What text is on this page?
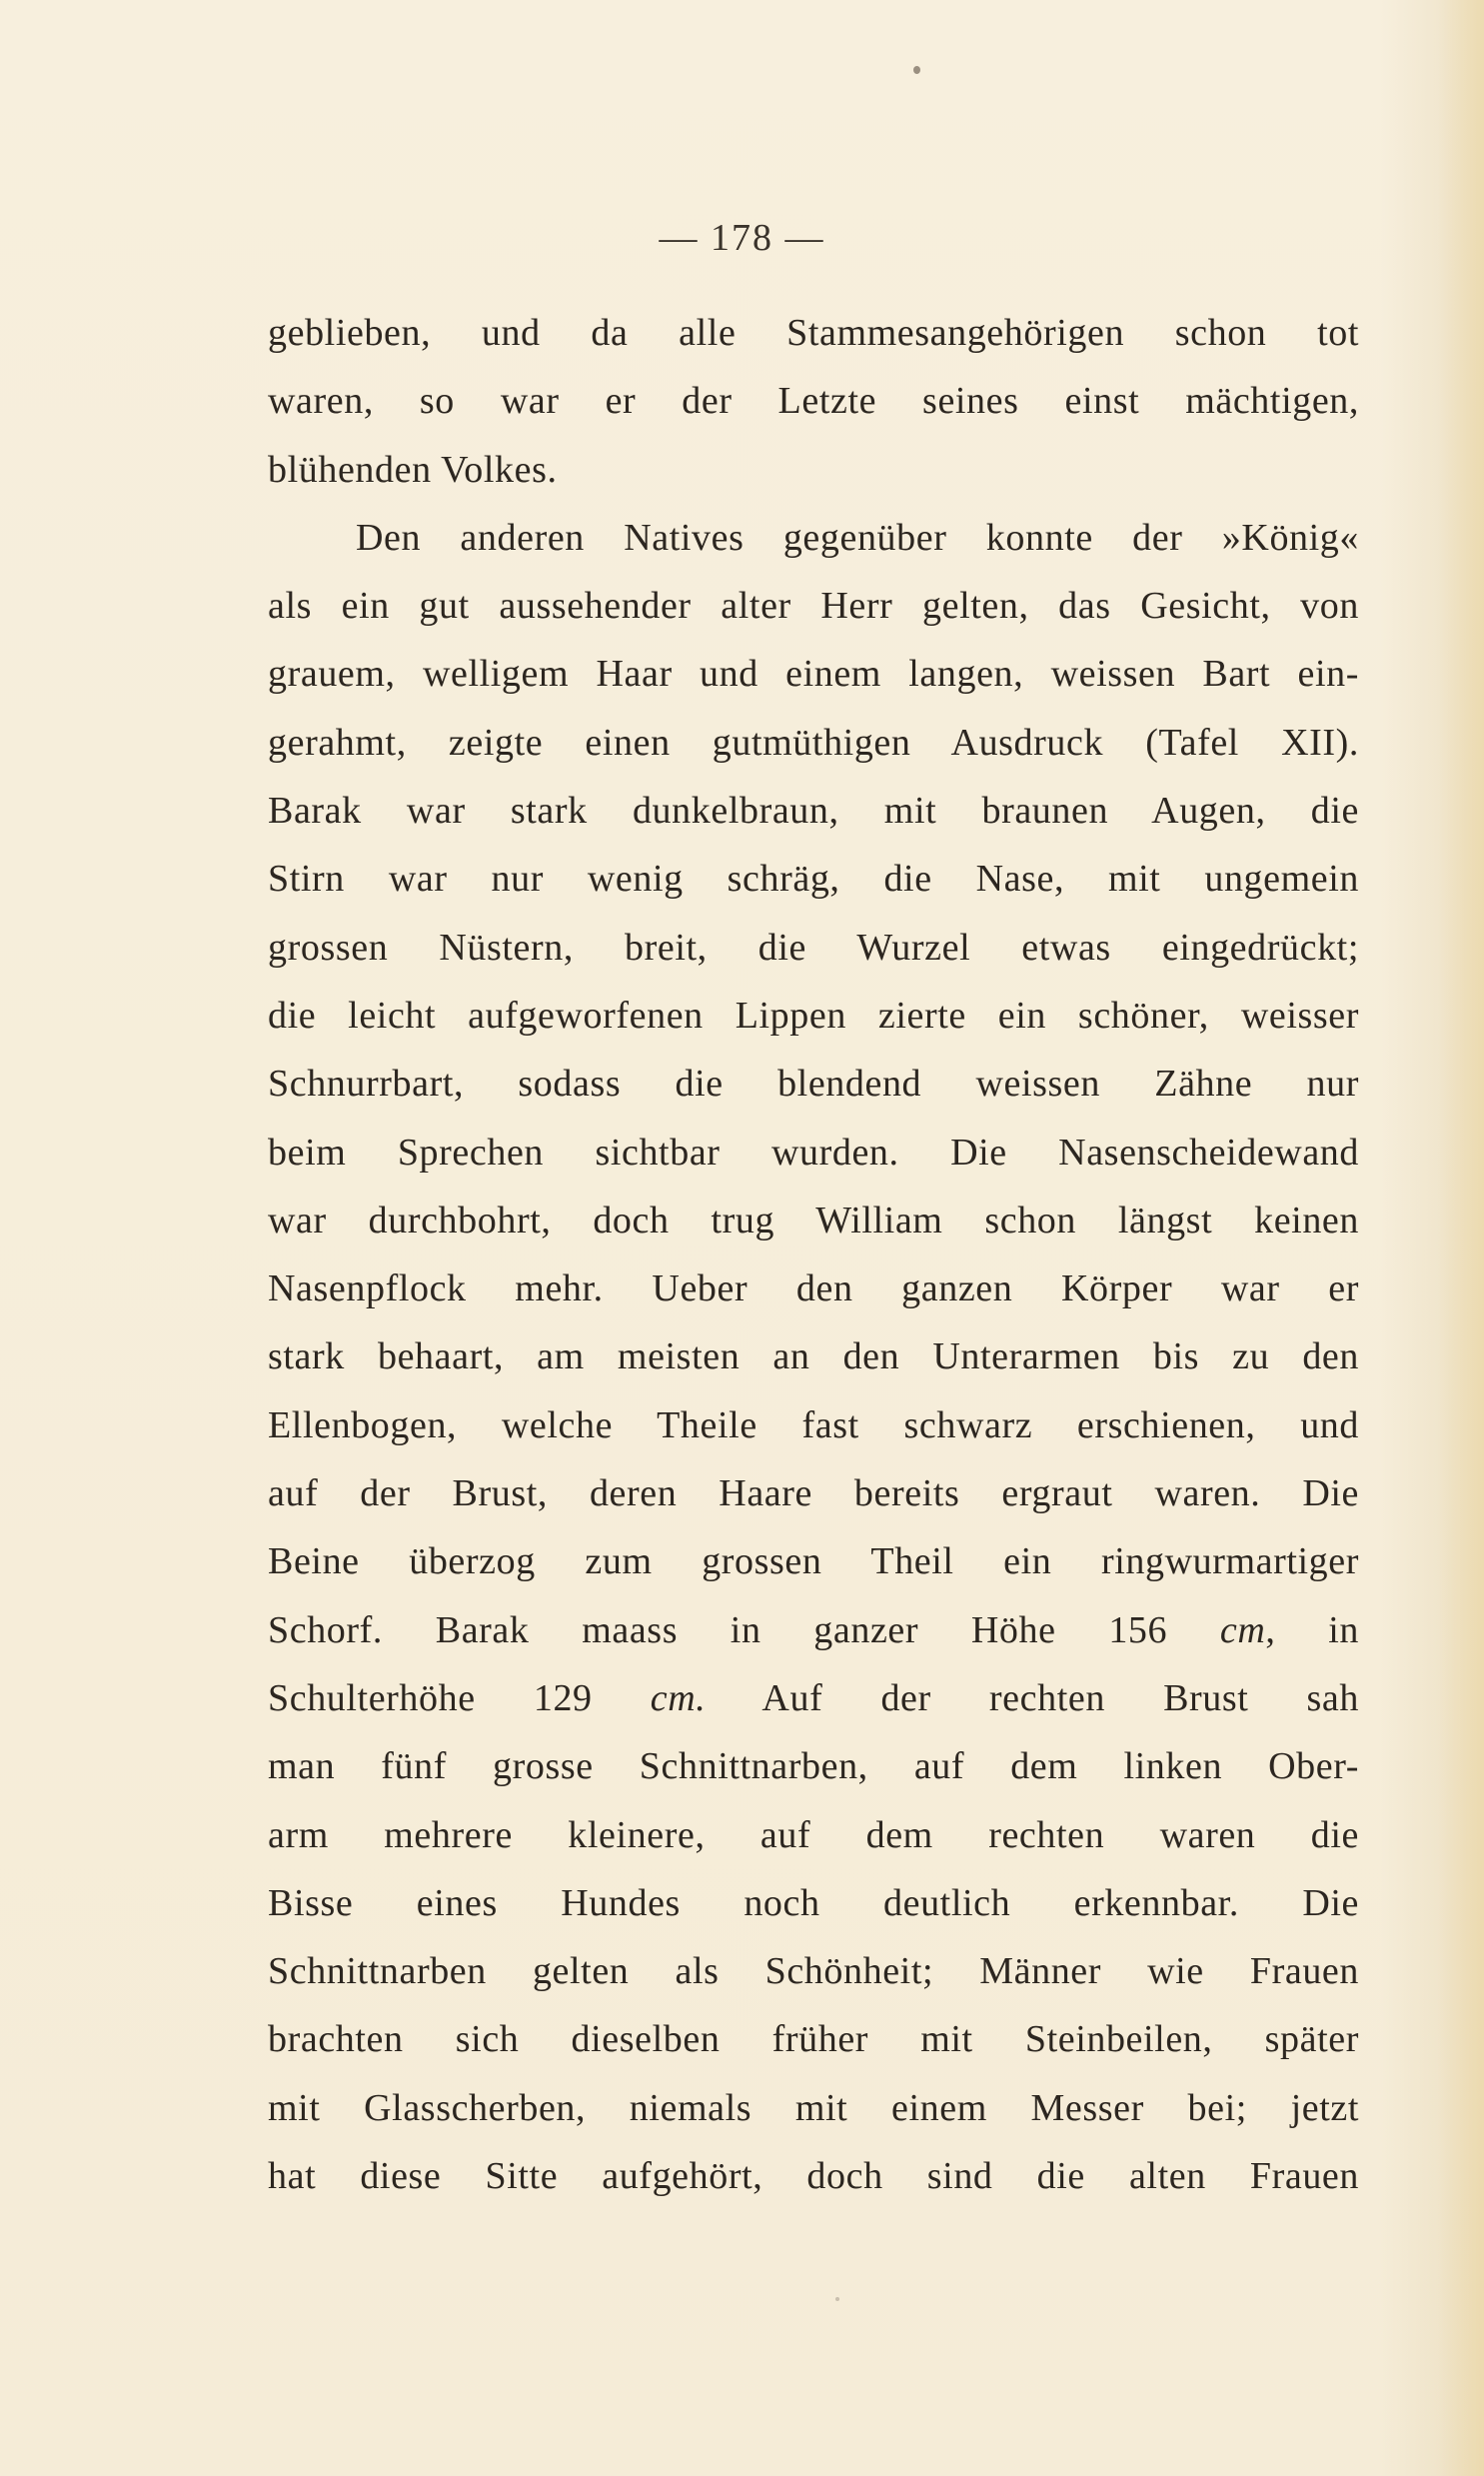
— 178 —
geblieben, und da alle Stammesangehörigen schon tot
waren, so war er der Letzte seines einst mächtigen,
blühenden Volkes.
Den anderen Natives gegenüber konnte der »König«
als ein gut aussehender alter Herr gelten, das Gesicht, von
grauem, welligem Haar und einem langen, weissen Bart ein-
gerahmt, zeigte einen gutmüthigen Ausdruck (Tafel XII).
Barak war stark dunkelbraun, mit braunen Augen, die
Stirn war nur wenig schräg, die Nase, mit ungemein
grossen Nüstern, breit, die Wurzel etwas eingedrückt;
die leicht aufgeworfenen Lippen zierte ein schöner, weisser
Schnurrbart, sodass die blendend weissen Zähne nur
beim Sprechen sichtbar wurden. Die Nasenscheidewand
war durchbohrt, doch trug William schon längst keinen
Nasenpflock mehr. Ueber den ganzen Körper war er
stark behaart, am meisten an den Unterarmen bis zu den
Ellenbogen, welche Theile fast schwarz erschienen, und
auf der Brust, deren Haare bereits ergraut waren. Die
Beine überzog zum grossen Theil ein ringwurmartiger
Schorf. Barak maass in ganzer Höhe 156 cm, in
Schulterhöhe 129 cm. Auf der rechten Brust sah
man fünf grosse Schnittnarben, auf dem linken Ober-
arm mehrere kleinere, auf dem rechten waren die
Bisse eines Hundes noch deutlich erkennbar. Die
Schnittnarben gelten als Schönheit; Männer wie Frauen
brachten sich dieselben früher mit Steinbeilen, später
mit Glasscherben, niemals mit einem Messer bei; jetzt
hat diese Sitte aufgehört, doch sind die alten Frauen
